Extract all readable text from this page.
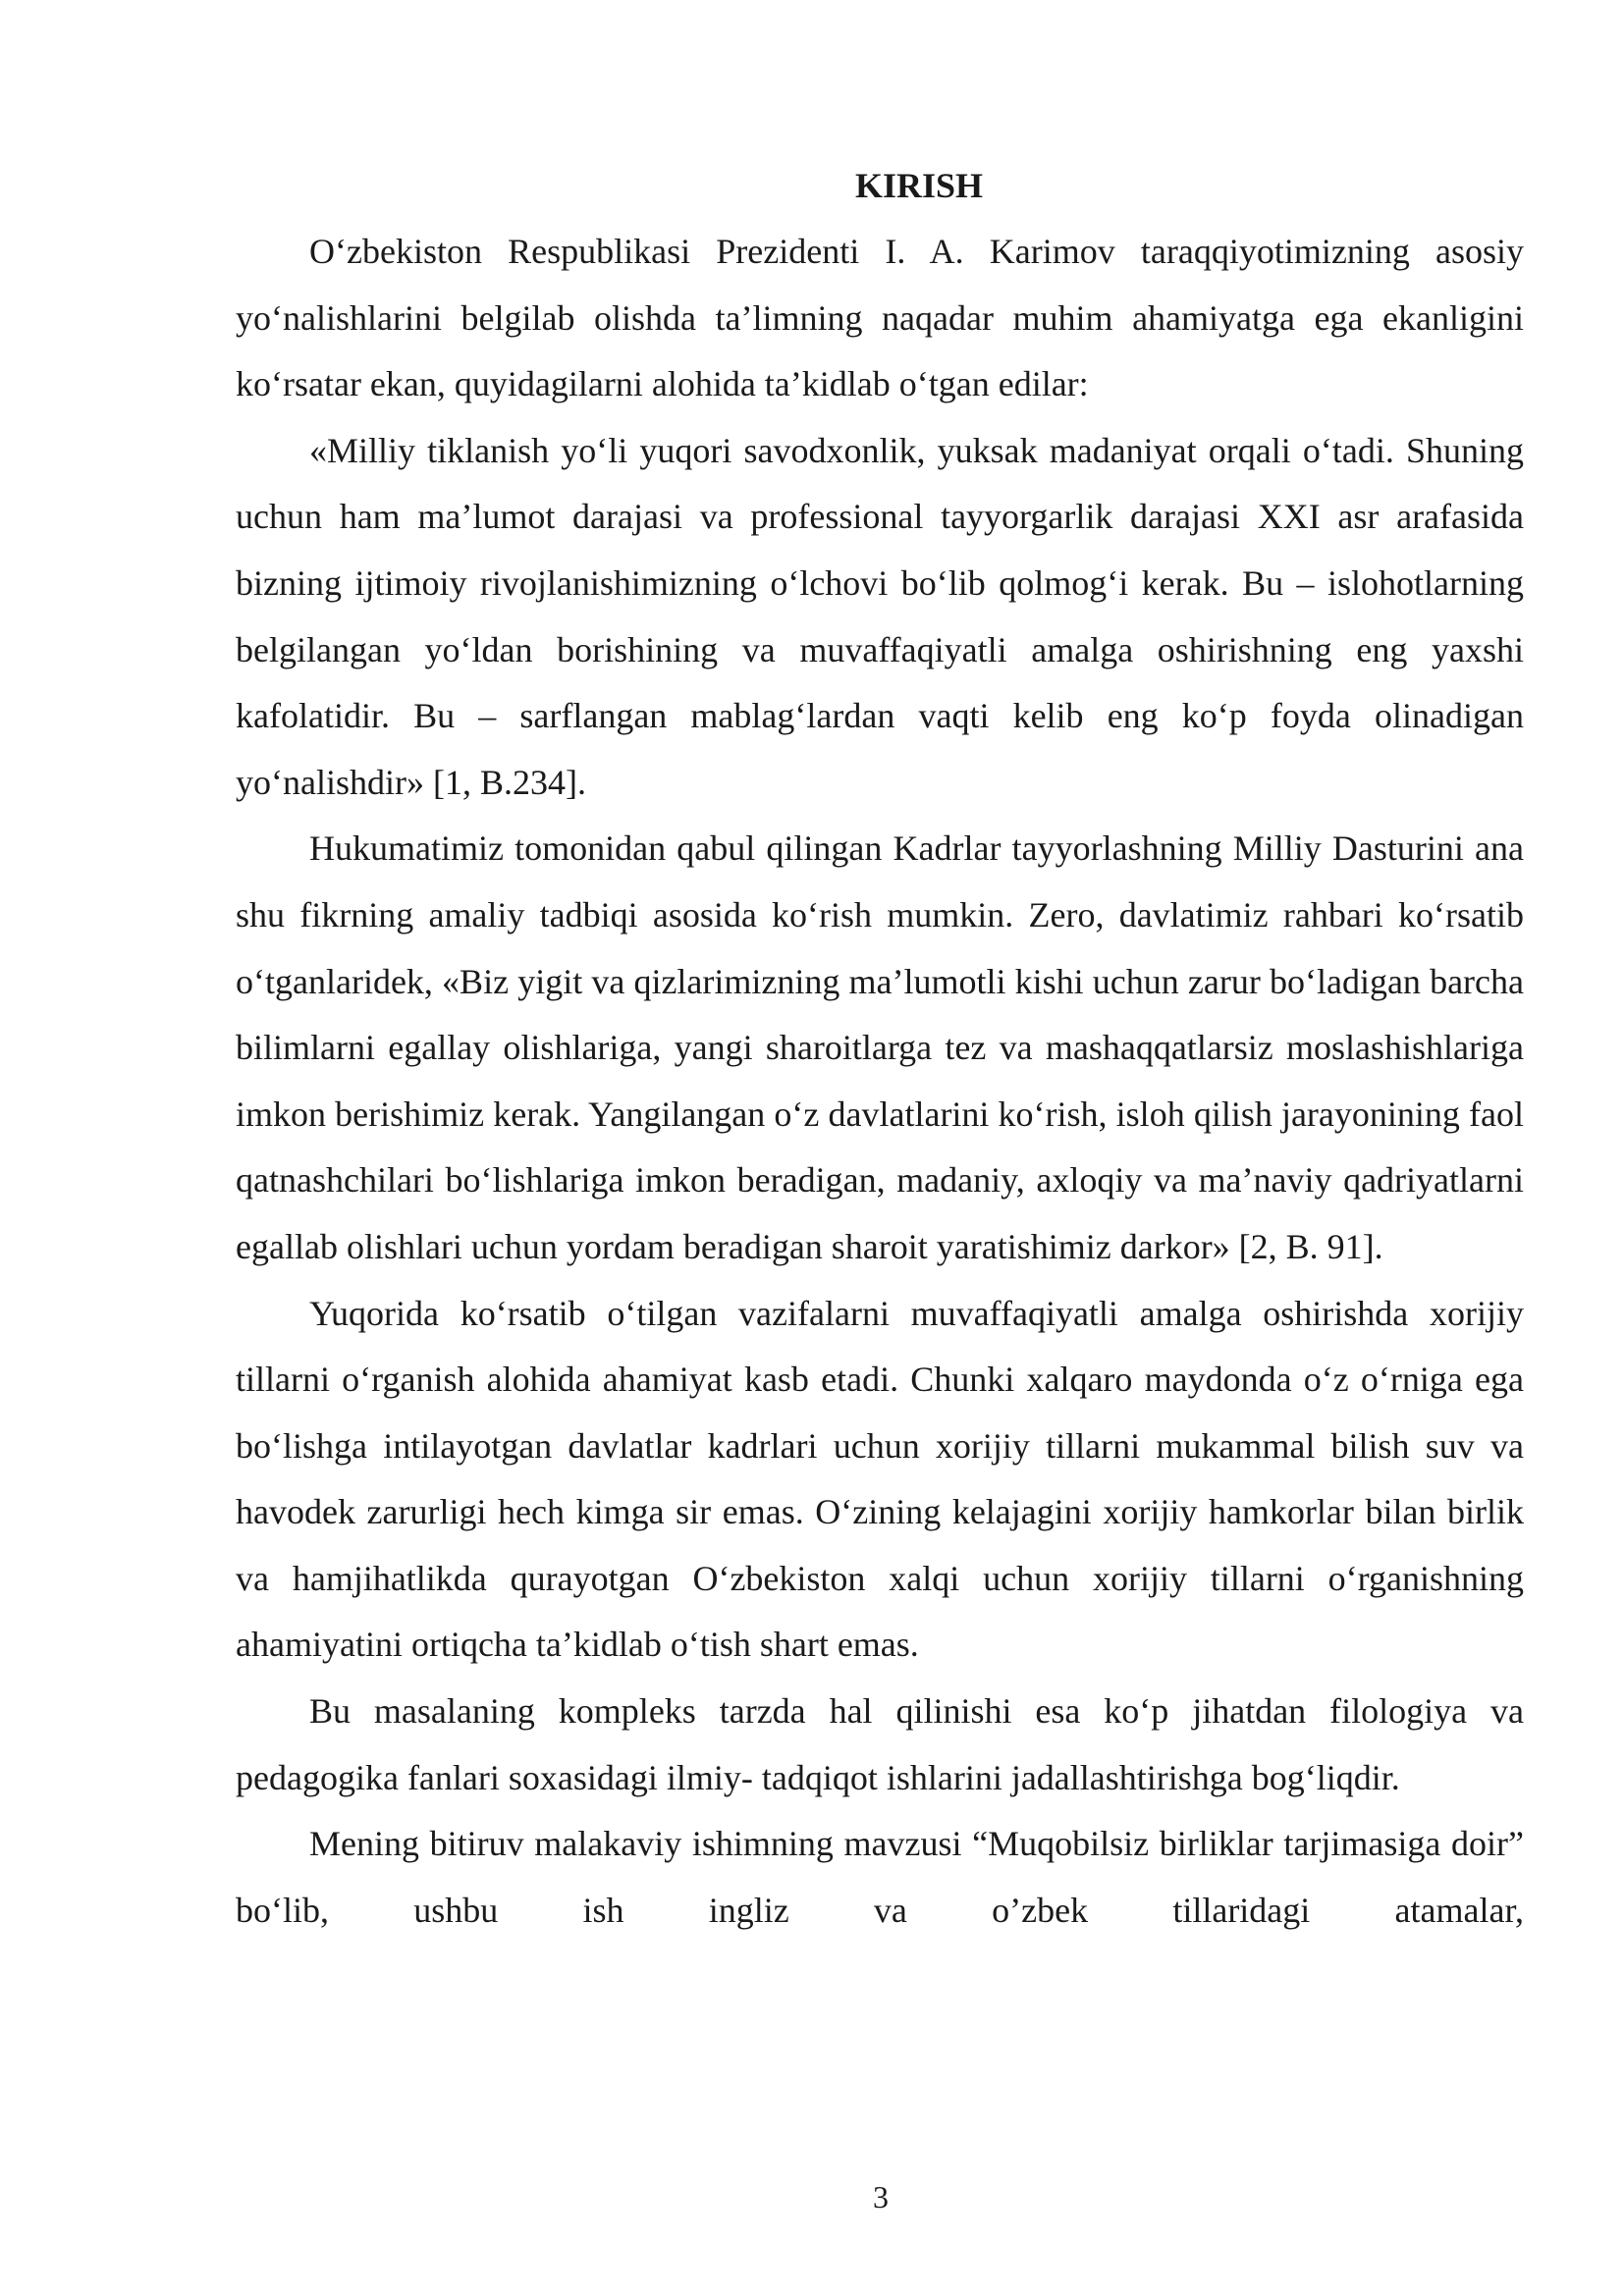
KIRISH

O‘zbekiston Respublikasi Prezidenti I. A. Karimov taraqqiyotimizning asosiy yo‘nalishlarini belgilab olishda ta’limning naqadar muhim ahamiyatga ega ekanligini ko‘rsatar ekan, quyidagilarni alohida ta’kidlab o‘tgan edilar:

«Milliy tiklanish yo‘li yuqori savodxonlik, yuksak madaniyat orqali o‘tadi. Shuning uchun ham ma’lumot darajasi va professional tayyorgarlik darajasi XXI asr arafasida bizning ijtimoiy rivojlanishimizning o‘lchovi bo‘lib qolmog‘i kerak. Bu – islohotlarning belgilangan yo‘ldan borishining va muvaffaqiyatli amalga oshirishning eng yaxshi kafolatidir. Bu – sarflangan mablag‘lardan vaqti kelib eng ko‘p foyda olinadigan yo‘nalishdir» [1, B.234].

Hukumatimiz tomonidan qabul qilingan Kadrlar tayyorlashning Milliy Dasturini ana shu fikrning amaliy tadbiqi asosida ko‘rish mumkin. Zero, davlatimiz rahbari ko‘rsatib o‘tganlaridek, «Biz yigit va qizlarimizning ma’lumotli kishi uchun zarur bo‘ladigan barcha bilimlarni egallay olishlariga, yangi sharoitlarga tez va mashaqqatlarsiz moslashishlariga imkon berishimiz kerak. Yangilangan o‘z davlatlarini ko‘rish, isloh qilish jarayonining faol qatnashchilari bo‘lishlariga imkon beradigan, madaniy, axloqiy va ma’naviy qadriyatlarni egallab olishlari uchun yordam beradigan sharoit yaratishimiz darkor» [2, B. 91].

Yuqorida ko‘rsatib o‘tilgan vazifalarni muvaffaqiyatli amalga oshirishda xorijiy tillarni o‘rganish alohida ahamiyat kasb etadi. Chunki xalqaro maydonda o‘z o‘rniga ega bo‘lishga intilayotgan davlatlar kadrlari uchun xorijiy tillarni mukammal bilish suv va havodek zarurligi hech kimga sir emas. O‘zining kelajagini xorijiy hamkorlar bilan birlik va hamjihatlikda qurayotgan O‘zbekiston xalqi uchun xorijiy tillarni o‘rganishning ahamiyatini ortiqcha ta’kidlab o‘tish shart emas.

Bu masalaning kompleks tarzda hal qilinishi esa ko‘p jihatdan filologiya va pedagogika fanlari soxasidagi ilmiy- tadqiqot ishlarini jadallashtirishga bog‘liqdir.

Mening bitiruv malakaviy ishimning mavzusi “Muqobilsiz birliklar tarjimasiga doir” bo‘lib, ushbu ish ingliz va o’zbek tillaridagi atamalar,

3
